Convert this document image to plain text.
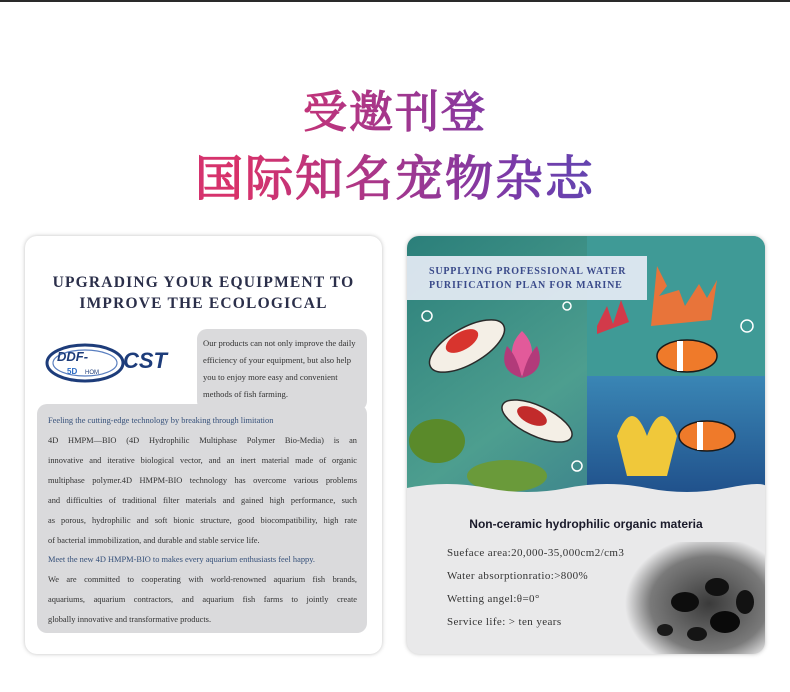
受邀刊登
国际知名宠物杂志
UPGRADING YOUR EQUIPMENT TO
IMPROVE THE ECOLOGICAL
DDF- CST
5D HOM

Our products can not only improve the daily

efficiency of your equipment, but also help

you to enjoy more easy and convenient

methods of fish farming.

Feeling the cutting-edge technology by breaking through limitation
4D HMPM—BIO (4D Hydrophilic Multiphase Polymer Bio-Media) is an
innovative and iterative biological vector, and an inert material made of organic
multiphase polymer.4D HMPM-BIO technology has overcome various problems
and difficulties of traditional filter materials and gained high performance, such
as porous, hydrophilic and soft bionic structure, good biocompatibility, high rate
of bacterial immobilization, and durable and stable service life.
Meet the new 4D HMPM-BIO to makes every aquarium enthusiasts feel happy.
We are committed to cooperating with world-renowned aquarium fish brands,
aquariums, aquarium contractors, and aquarium fish farms to jointly create
globally innovative and transformative products.
SUPPLYING PROFESSIONAL WATER
PURIFICATION PLAN FOR MARINE
Non-ceramic hydrophilic organic materia
Sueface area:20,000-35,000cm2/cm3
Water absorptionratio:>800%
Wetting angel:θ=0°
Service life: > ten years
